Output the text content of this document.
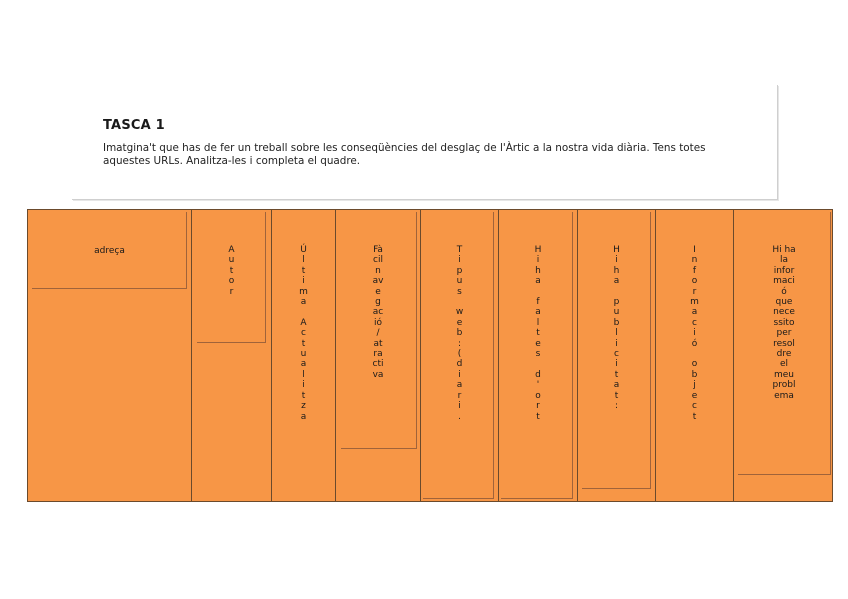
TASCA 1
Imatgina't que has de fer un treball sobre les conseqüències del desglaç de l'Àrtic a la nostra vida diària. Tens totes aquestes URLs. Analitza-les i completa el quadre.
adreça	A
u
t
o
r
Ú
l
t
i
m
a

A
c
t
u
a
l
i
t
z
a
Fà
cil
n
av
e
g
ac
ió
/
at
ra
cti
va
T
i
p
u
s

w
e
b
:
(
d
i
a
r
i
.
H
i
h
a

f
a
l
t
e
s

d
'
o
r
t
H
i
h
a

p
u
b
l
i
c
i
t
a
t
:
I
n
f
o
r
m
a
c
i
ó

o
b
j
e
c
t
Hi ha
la
infor
maci
ó
que
nece
ssito
per
resol
dre
el
meu
probl
ema
